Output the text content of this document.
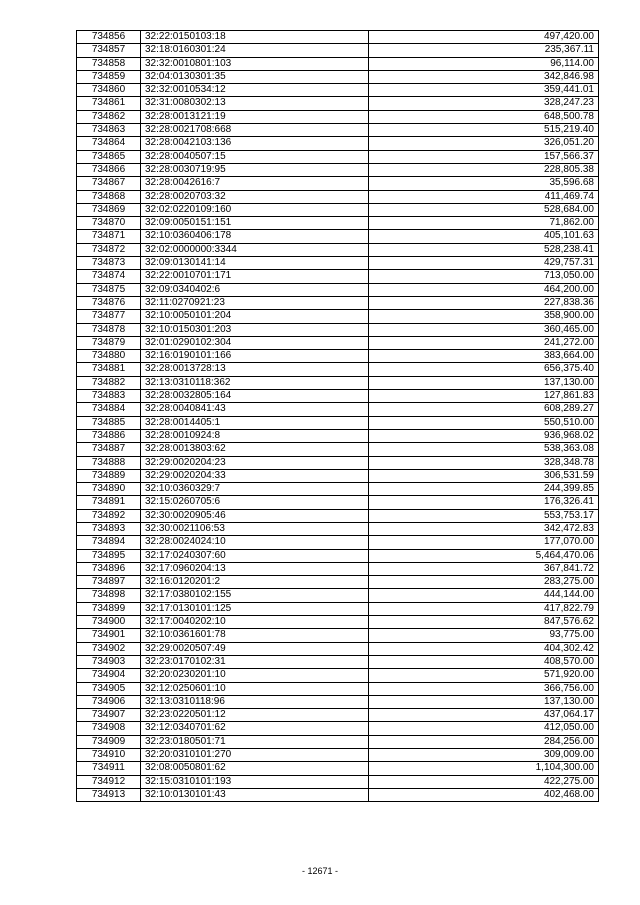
734856	32:22:0150103:18	497,420.00
734857	32:18:0160301:24	235,367.11
734858	32:32:0010801:103	96,114.00
734859	32:04:0130301:35	342,846.98
734860	32:32:0010534:12	359,441.01
734861	32:31:0080302:13	328,247.23
734862	32:28:0013121:19	648,500.78
734863	32:28:0021708:668	515,219.40
734864	32:28:0042103:136	326,051.20
734865	32:28:0040507:15	157,566.37
734866	32:28:0030719:95	228,805.38
734867	32:28:0042616:7	35,596.68
734868	32:28:0020703:32	411,469.74
734869	32:02:0220109:160	528,684.00
734870	32:09:0050151:151	71,862.00
734871	32:10:0360406:178	405,101.63
734872	32:02:0000000:3344	528,238.41
734873	32:09:0130141:14	429,757.31
734874	32:22:0010701:171	713,050.00
734875	32:09:0340402:6	464,200.00
734876	32:11:0270921:23	227,838.36
734877	32:10:0050101:204	358,900.00
734878	32:10:0150301:203	360,465.00
734879	32:01:0290102:304	241,272.00
734880	32:16:0190101:166	383,664.00
734881	32:28:0013728:13	656,375.40
734882	32:13:0310118:362	137,130.00
734883	32:28:0032805:164	127,861.83
734884	32:28:0040841:43	608,289.27
734885	32:28:0014405:1	550,510.00
734886	32:28:0010924:8	936,968.02
734887	32:28:0013803:62	538,363.08
734888	32:29:0020204:23	328,348.78
734889	32:29:0020204:33	306,531.59
734890	32:10:0360329:7	244,399.85
734891	32:15:0260705:6	176,326.41
734892	32:30:0020905:46	553,753.17
734893	32:30:0021106:53	342,472.83
734894	32:28:0024024:10	177,070.00
734895	32:17:0240307:60	5,464,470.06
734896	32:17:0960204:13	367,841.72
734897	32:16:0120201:2	283,275.00
734898	32:17:0380102:155	444,144.00
734899	32:17:0130101:125	417,822.79
734900	32:17:0040202:10	847,576.62
734901	32:10:0361601:78	93,775.00
734902	32:29:0020507:49	404,302.42
734903	32:23:0170102:31	408,570.00
734904	32:20:0230201:10	571,920.00
734905	32:12:0250601:10	366,756.00
734906	32:13:0310118:96	137,130.00
734907	32:23:0220501:12	437,064.17
734908	32:12:0340701:62	412,050.00
734909	32:23:0180501:71	284,256.00
734910	32:20:0310101:270	309,009.00
734911	32:08:0050801:62	1,104,300.00
734912	32:15:0310101:193	422,275.00
734913	32:10:0130101:43	402,468.00
- 12671 -
